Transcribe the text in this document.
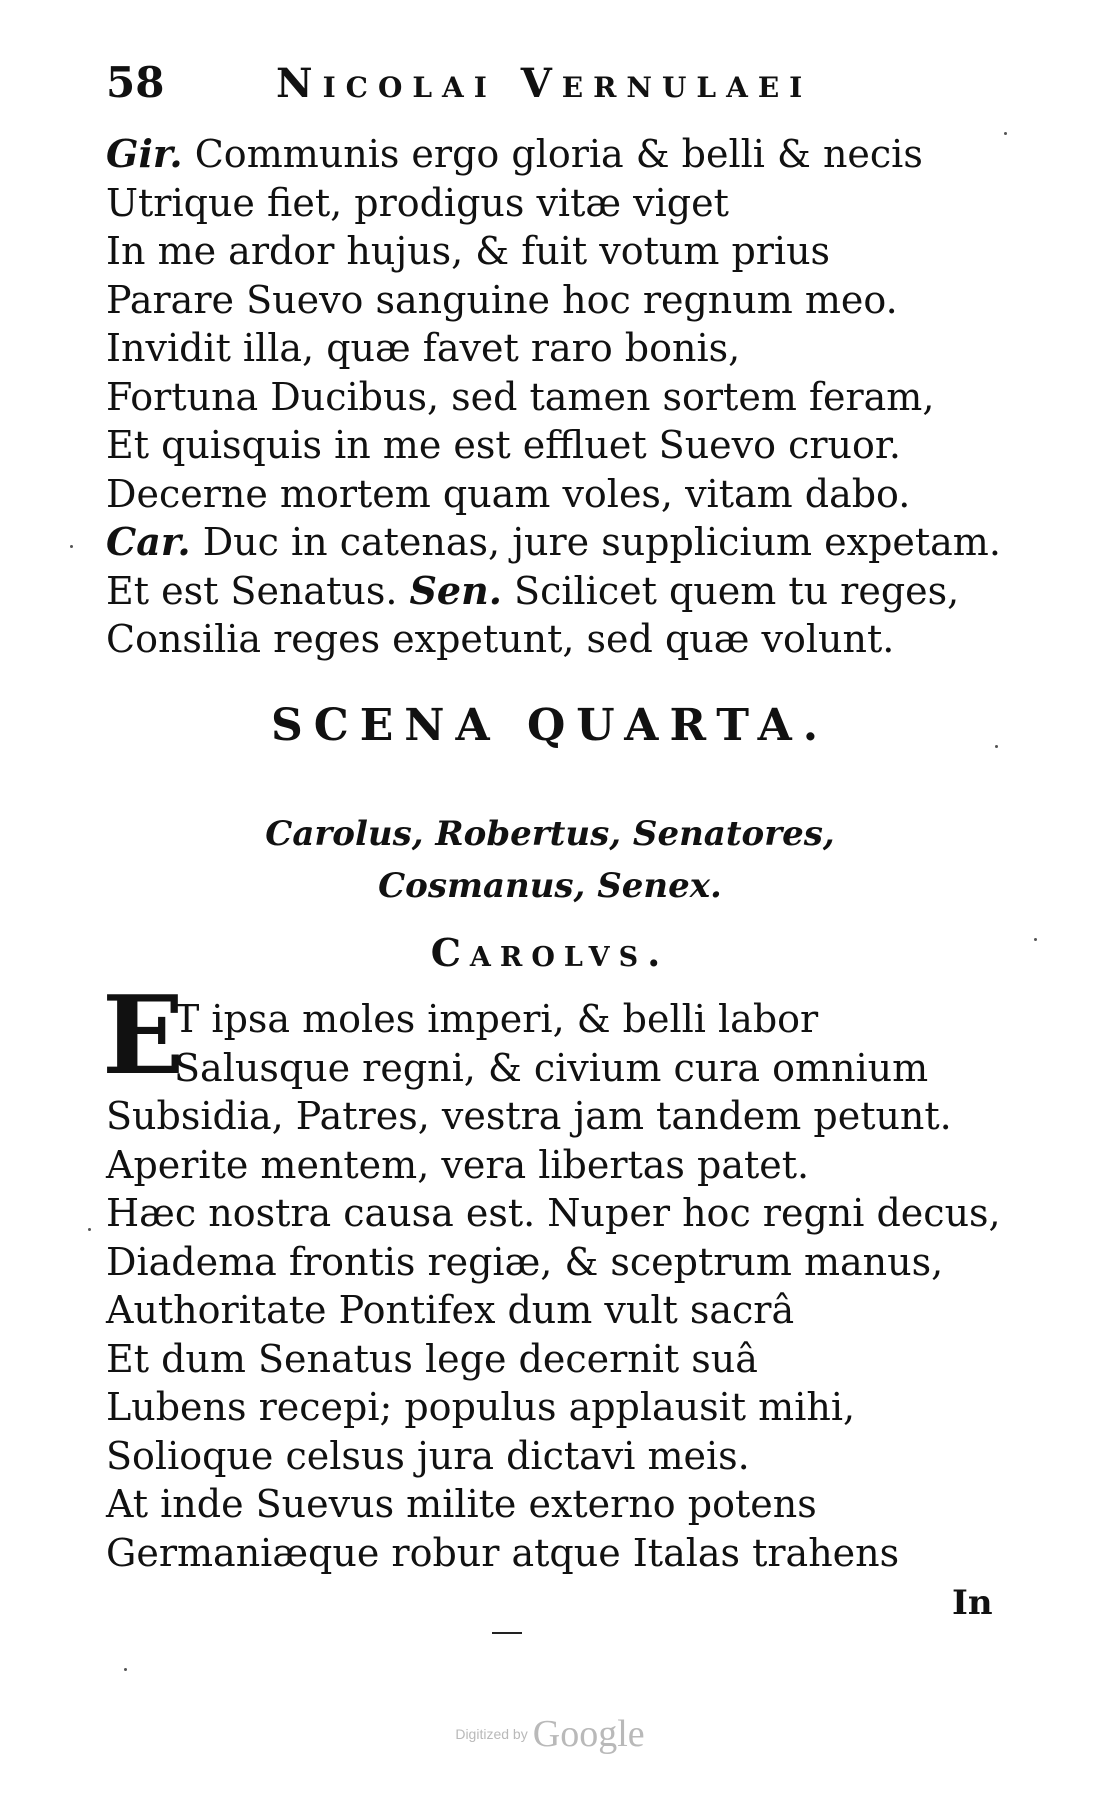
58	Nicolai Vernulaei
Gir. Communis ergo gloria & belli & necis
Utrique fiet, prodigus vitæ viget
In me ardor hujus, & fuit votum prius
Parare Suevo sanguine hoc regnum meo.
Invidit illa, quæ favet raro bonis,
Fortuna Ducibus, sed tamen sortem feram,
Et quisquis in me est effluet Suevo cruor.
Decerne mortem quam voles, vitam dabo.
Car. Duc in catenas, jure supplicium expetam.
Et est Senatus. Sen. Scilicet quem tu reges,
Consilia reges expetunt, sed quæ volunt.
SCENA QUARTA.
Carolus, Robertus, Senatores,
Cosmanus, Senex.
Carolvs.
E
T ipsa moles imperi, & belli labor
Salusque regni, & civium cura omnium
Subsidia, Patres, vestra jam tandem petunt.
Aperite mentem, vera libertas patet.
Hæc nostra causa est. Nuper hoc regni decus,
Diadema frontis regiæ, & sceptrum manus,
Authoritate Pontifex dum vult sacrâ
Et dum Senatus lege decernit suâ
Lubens recepi; populus applausit mihi,
Solioque celsus jura dictavi meis.
At inde Suevus milite externo potens
Germaniæque robur atque Italas trahens
In
Digitized by Google
